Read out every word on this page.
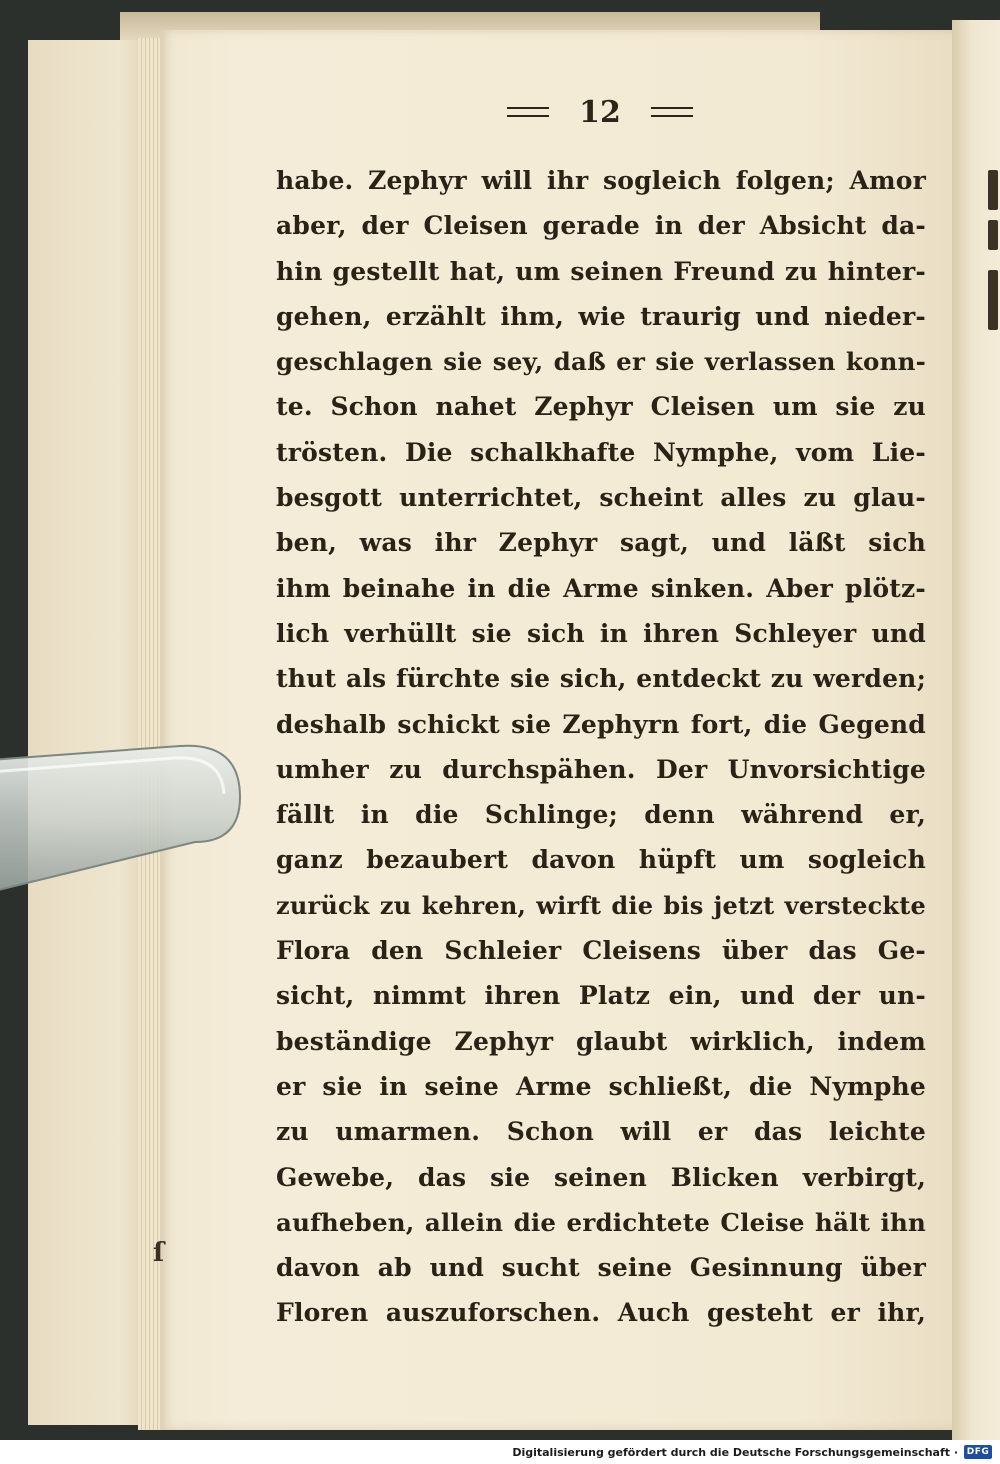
12
habe. Zephyr will ihr sogleich folgen; Amor
aber, der Cleisen gerade in der Absicht da-
hin gestellt hat, um seinen Freund zu hinter-
gehen, erzählt ihm, wie traurig und nieder-
geschlagen sie sey, daß er sie verlassen konn-
te. Schon nahet Zephyr Cleisen um sie zu
trösten. Die schalkhafte Nymphe, vom Lie-
besgott unterrichtet, scheint alles zu glau-
ben, was ihr Zephyr sagt, und läßt sich
ihm beinahe in die Arme sinken. Aber plötz-
lich verhüllt sie sich in ihren Schleyer und
thut als fürchte sie sich, entdeckt zu werden;
deshalb schickt sie Zephyrn fort, die Gegend
umher zu durchspähen. Der Unvorsichtige
fällt in die Schlinge; denn während er,
ganz bezaubert davon hüpft um sogleich
zurück zu kehren, wirft die bis jetzt versteckte
Flora den Schleier Cleisens über das Ge-
sicht, nimmt ihren Platz ein, und der un-
beständige Zephyr glaubt wirklich, indem
er sie in seine Arme schließt, die Nymphe
zu umarmen. Schon will er das leichte
Gewebe, das sie seinen Blicken verbirgt,
aufheben, allein die erdichtete Cleise hält ihn
davon ab und sucht seine Gesinnung über
Floren auszuforschen. Auch gesteht er ihr,
ſ
Digitalisierung gefördert durch die Deutsche Forschungsgemeinschaft · DFG
